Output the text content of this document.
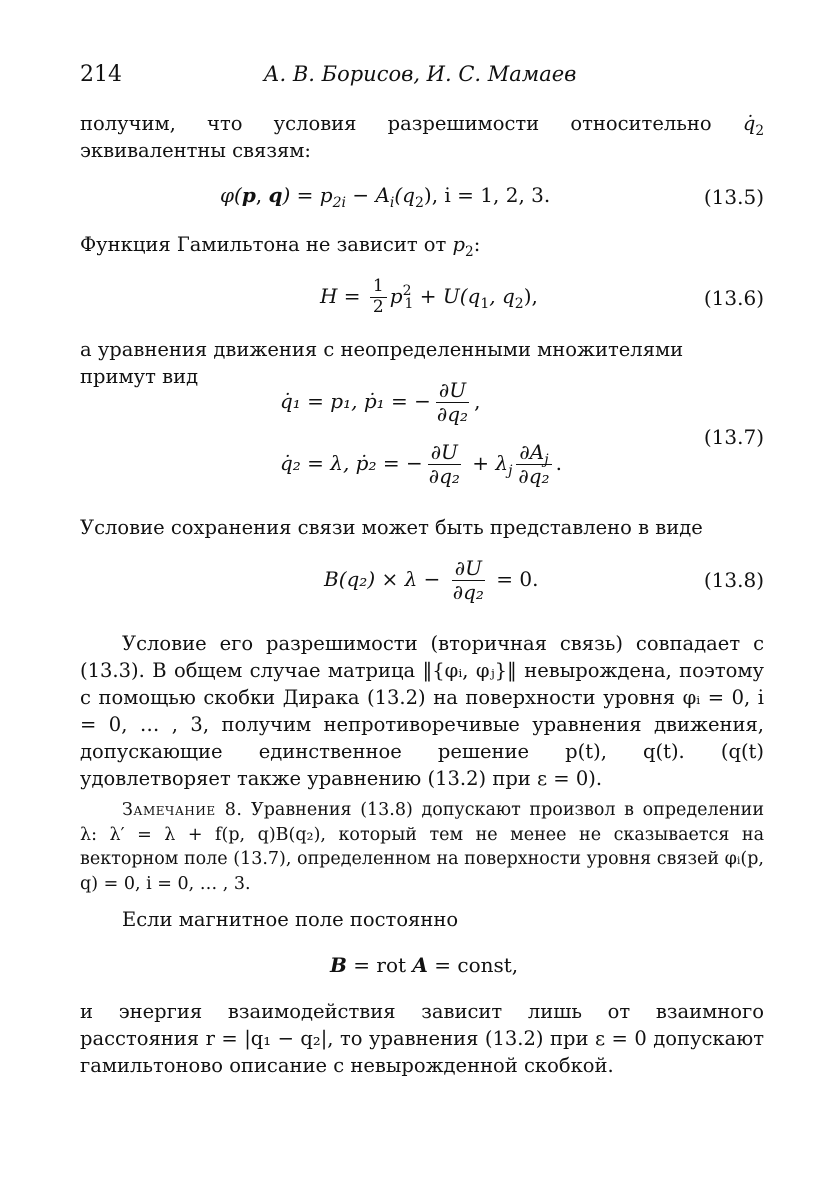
214	А. В. Борисов, И. С. Мамаев
получим, что условия разрешимости относительно $q̇_2$ эквивалентны связям:
φ(p, $q) = p_{2i} - A_i(q_2)$, i = 1, 2, 3.	(13.5)
Функция Гамильтона не зависит от $p_2$:
$H = \frac{1}{2} p^2_1 + U(q_1$, $q_2$),	(13.6)
а уравнения движения с неопределенными множителями примут вид
q̇₁ = p₁, ṗ₁ = − $\frac{\partial U}{\text{∂q₂}}$ ,
q̇₂ = λ, ṗ₂ = − $\frac{\partial U}{\text{∂q₂}} + \lambda_j \frac{\partial A_j}{\text{∂q₂}}$ .
(13.7)
Условие сохранения связи может быть представлено в виде
$B(q_2) \times \lambda - \frac{\partial U}{\text{∂q₂}} = 0$.	(13.8)
Условие его разрешимости (вторичная связь) совпадает с (13.3). В общем случае матрица ‖{φᵢ, φⱼ}‖ невырождена, поэтому с помощью скобки Дирака (13.2) на поверхности уровня φᵢ = 0, i = 0, … , 3, получим непротиворечивые уравнения движения, допускающие единственное решение p(t), q(t). (q(t) удовлетворяет также уравнению (13.2) при ε = 0).
Замечание 8. Уравнения (13.8) допускают произвол в определении λ: λ′ = λ + f(p, q)B(q₂), который тем не менее не сказывается на векторном поле (13.7), определенном на поверхности уровня связей φᵢ(p, q) = 0, i = 0, … , 3.
Если магнитное поле постоянно
B = rot A = const,
и энергия взаимодействия зависит лишь от взаимного расстояния r = |q₁ − q₂|, то уравнения (13.2) при ε = 0 допускают гамильтоново описание с невырожденной скобкой.
